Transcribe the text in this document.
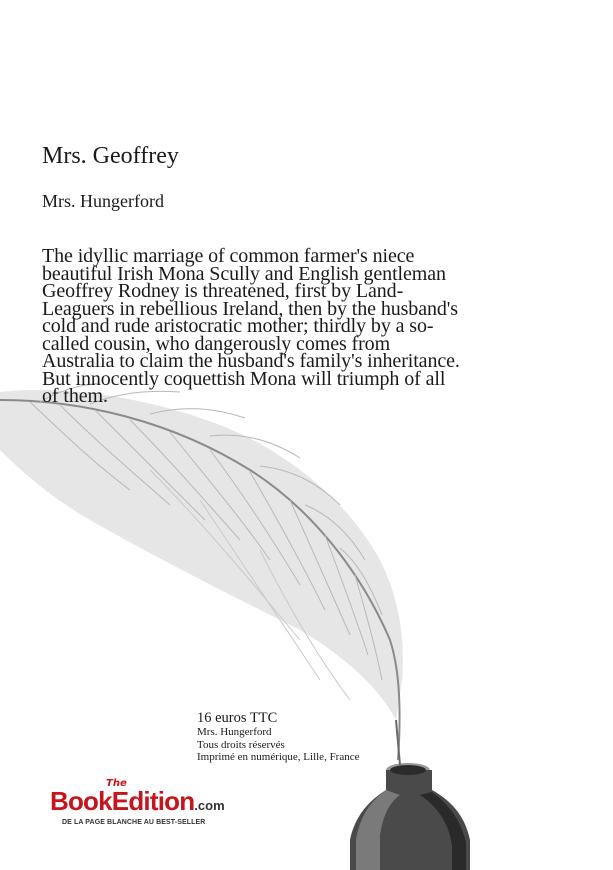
Mrs. Geoffrey

Mrs. Hungerford

The idyllic marriage of common farmer's niece beautiful Irish Mona Scully and English gentleman Geoffrey Rodney is threatened, first by Land-Leaguers in rebellious Ireland, then by the husband's cold and rude aristocratic mother; thirdly by a so-called cousin, who dangerously comes from Australia to claim the husband's family's inheritance. But innocently coquettish Mona will triumph of all of them.

16 euros TTC
Mrs. Hungerford
Tous droits réservés
Imprimé en numérique, Lille, France
The
BookEdition.com
DE LA PAGE BLANCHE AU BEST-SELLER
